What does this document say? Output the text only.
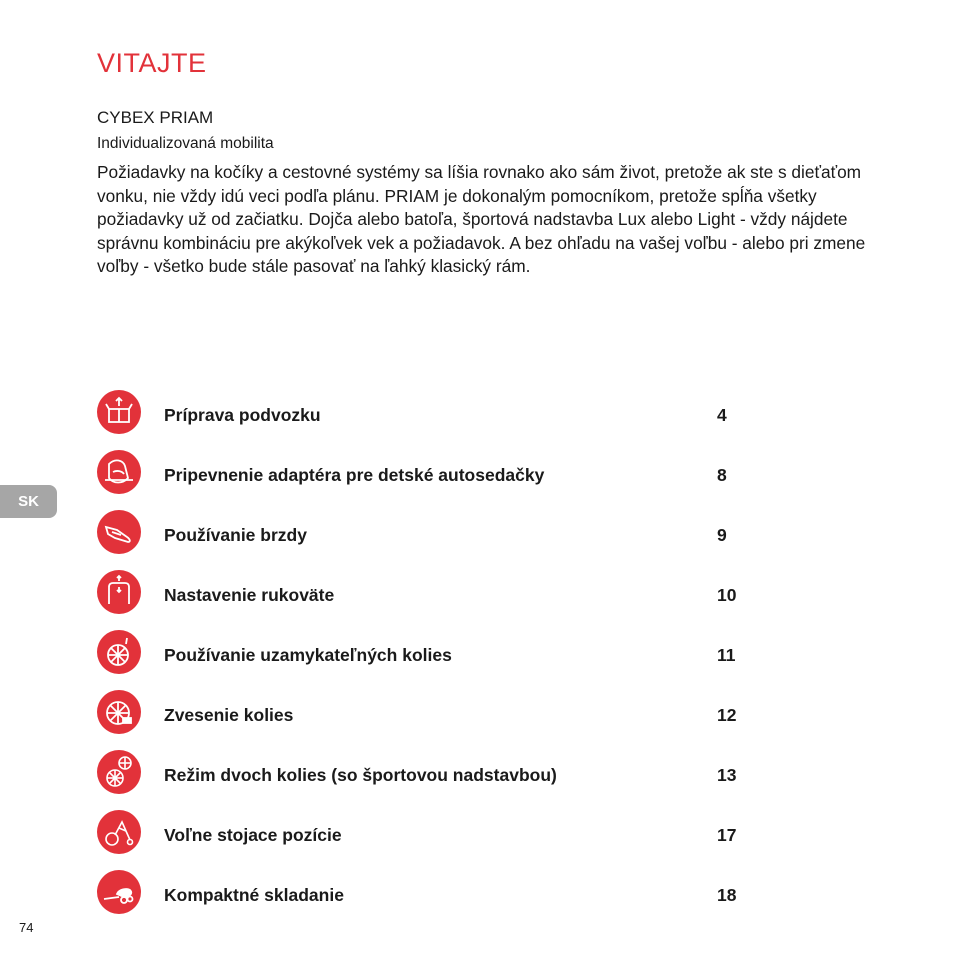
VITAJTE
CYBEX PRIAM
Individualizovaná mobilita

Požiadavky na kočíky a cestovné systémy sa líšia rovnako ako sám život, pretože ak ste s dieťaťom vonku, nie vždy idú veci podľa plánu. PRIAM je dokonalým pomocníkom, pretože spĺňa všetky požiadavky už od začiatku. Dojča alebo batoľa, športová nadstavba Lux alebo Light - vždy nájdete správnu kombináciu pre akýkoľvek vek a požiadavok. A bez ohľadu na vašej voľbu - alebo pri zmene voľby - všetko bude stále pasovať na ľahký klasický rám.

Príprava podvozku	4
Pripevnenie adaptéra pre detské autosedačky	8
Používanie brzdy	9
Nastavenie rukoväte	10
Používanie uzamykateľných kolies	11
Zvesenie kolies	12
Režim dvoch kolies (so športovou nadstavbou)	13
Voľne stojace pozície	17
Kompaktné skladanie	18
SK
74
